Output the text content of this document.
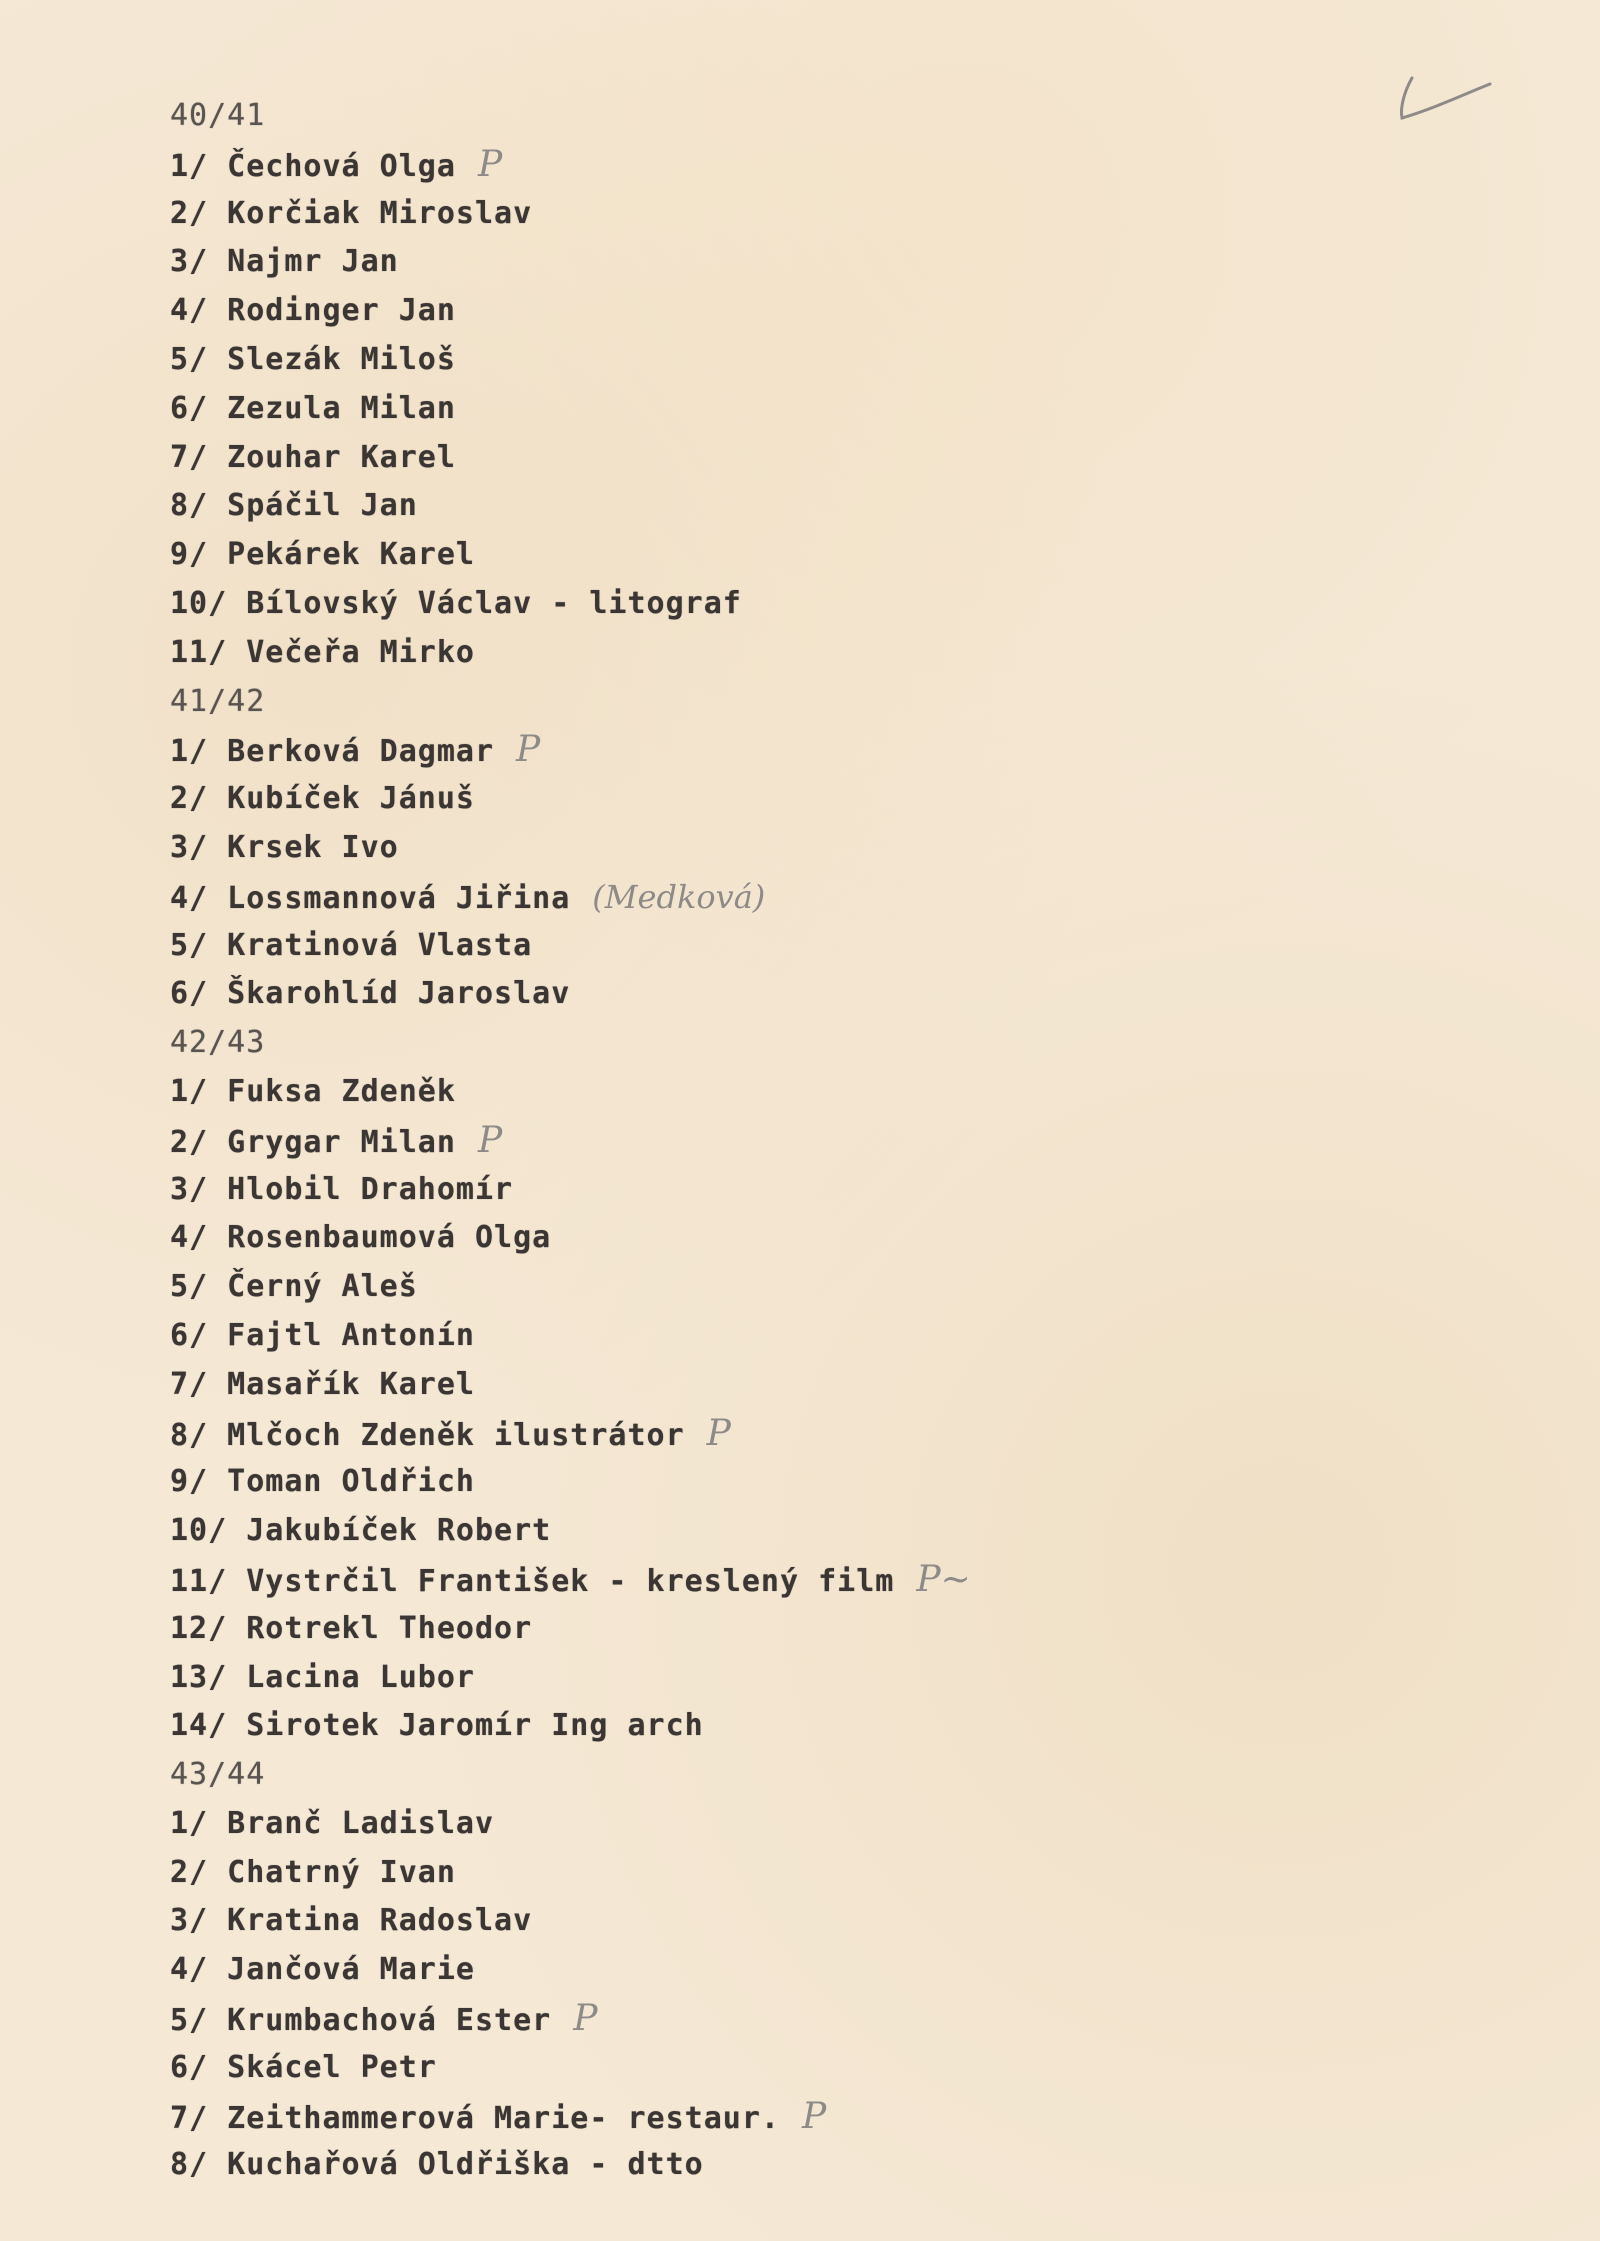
40/41
1/ Čechová Olga P
2/ Korčiak Miroslav
3/ Najmr Jan
4/ Rodinger Jan
5/ Slezák Miloš
6/ Zezula Milan
7/ Zouhar Karel
8/ Spáčil Jan
9/ Pekárek Karel
10/ Bílovský Václav - litograf
11/ Večeřa Mirko
41/42
1/ Berková Dagmar P
2/ Kubíček Jánuš
3/ Krsek Ivo
4/ Lossmannová Jiřina (Medková)
5/ Kratinová Vlasta
6/ Škarohlíd Jaroslav
42/43
1/ Fuksa Zdeněk
2/ Grygar Milan P
3/ Hlobil Drahomír
4/ Rosenbaumová Olga
5/ Černý Aleš
6/ Fajtl Antonín
7/ Masařík Karel
8/ Mlčoch Zdeněk ilustrátor P
9/ Toman Oldřich
10/ Jakubíček Robert
11/ Vystrčil František - kreslený film P~
12/ Rotrekl Theodor
13/ Lacina Lubor
14/ Sirotek Jaromír Ing arch
43/44
1/ Branč Ladislav
2/ Chatrný Ivan
3/ Kratina Radoslav
4/ Jančová Marie
5/ Krumbachová Ester P
6/ Skácel Petr
7/ Zeithammerová Marie- restaur. P
8/ Kuchařová Oldřiška - dtto
